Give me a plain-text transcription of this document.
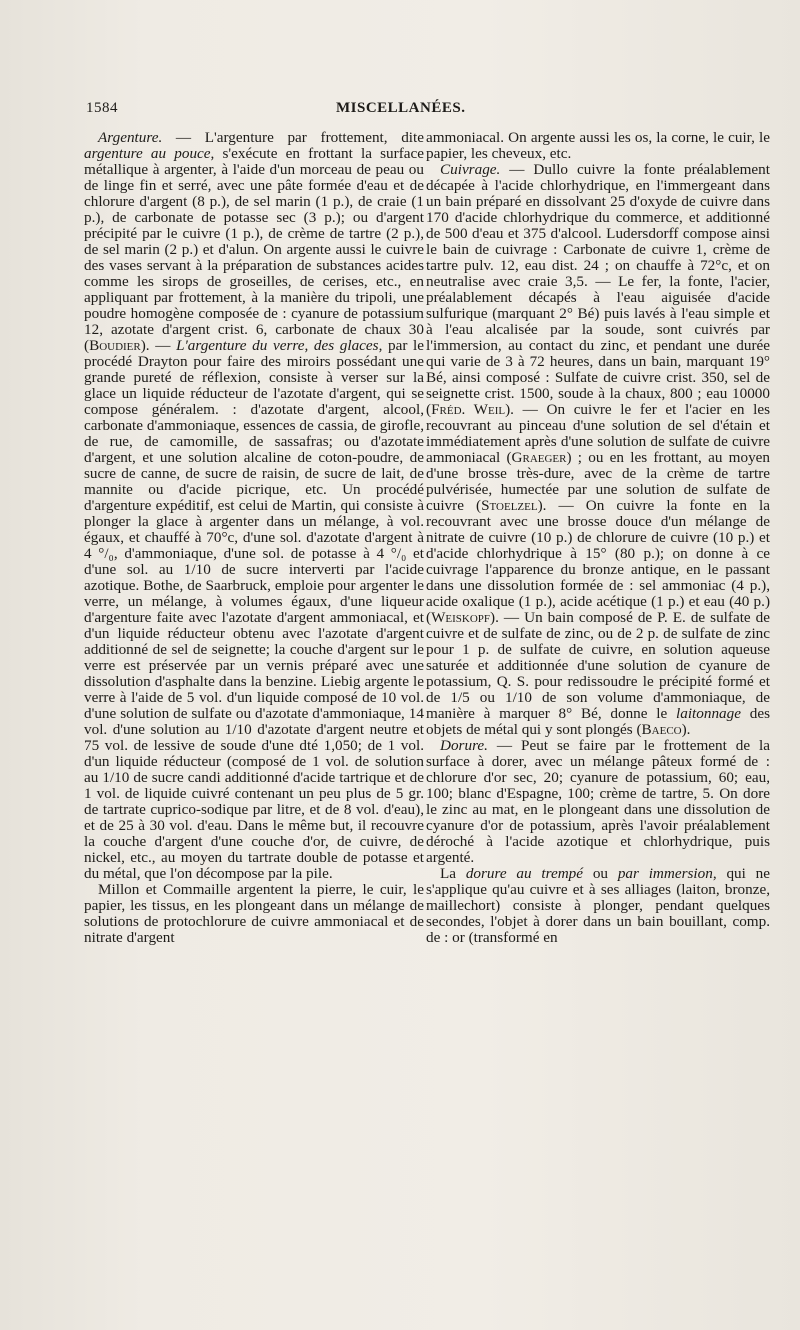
1584	MISCELLANÉES.

Argenture. — L'argenture par frottement, dite argenture au pouce, s'exécute en frottant la surface métallique à argenter, à l'aide d'un morceau de peau ou de linge fin et serré, avec une pâte formée d'eau et de chlorure d'argent (8 p.), de sel marin (1 p.), de craie (1 p.), de carbonate de potasse sec (3 p.); ou d'argent précipité par le cuivre (1 p.), de crème de tartre (2 p.), de sel marin (2 p.) et d'alun. On argente aussi le cuivre des vases servant à la préparation de substances acides comme les sirops de groseilles, de cerises, etc., en appliquant par frottement, à la manière du tripoli, une poudre homogène composée de : cyanure de potassium 12, azotate d'argent crist. 6, carbonate de chaux 30 (Boudier). — L'argenture du verre, des glaces, par le procédé Drayton pour faire des miroirs possédant une grande pureté de réflexion, consiste à verser sur la glace un liquide réducteur de l'azotate d'argent, qui se compose généralem. : d'azotate d'argent, alcool, carbonate d'ammoniaque, essences de cassia, de girofle, de rue, de camomille, de sassafras; ou d'azotate d'argent, et une solution alcaline de coton-poudre, de sucre de canne, de sucre de raisin, de sucre de lait, de mannite ou d'acide picrique, etc. Un procédé d'argenture expéditif, est celui de Martin, qui consiste à plonger la glace à argenter dans un mélange, à vol. égaux, et chauffé à 70°c, d'une sol. d'azotate d'argent à 4 °/₀, d'ammoniaque, d'une sol. de potasse à 4 °/₀ et d'une sol. au 1/10 de sucre interverti par l'acide azotique. Bothe, de Saarbruck, emploie pour argenter le verre, un mélange, à volumes égaux, d'une liqueur d'argenture faite avec l'azotate d'argent ammoniacal, et d'un liquide réducteur obtenu avec l'azotate d'argent additionné de sel de seignette; la couche d'argent sur le verre est préservée par un vernis préparé avec une dissolution d'asphalte dans la benzine. Liebig argente le verre à l'aide de 5 vol. d'un liquide composé de 10 vol. d'une solution de sulfate ou d'azotate d'ammoniaque, 14 vol. d'une solution au 1/10 d'azotate d'argent neutre et 75 vol. de lessive de soude d'une dté 1,050; de 1 vol. d'un liquide réducteur (composé de 1 vol. de solution au 1/10 de sucre candi additionné d'acide tartrique et de 1 vol. de liquide cuivré contenant un peu plus de 5 gr. de tartrate cuprico-sodique par litre, et de 8 vol. d'eau), et de 25 à 30 vol. d'eau. Dans le même but, il recouvre la couche d'argent d'une couche d'or, de cuivre, de nickel, etc., au moyen du tartrate double de potasse et du métal, que l'on décompose par la pile.

Millon et Commaille argentent la pierre, le cuir, le papier, les tissus, en les plongeant dans un mélange de solutions de protochlorure de cuivre ammoniacal et de nitrate d'argent

ammoniacal. On argente aussi les os, la corne, le cuir, le papier, les cheveux, etc.

Cuivrage. — Dullo cuivre la fonte préalablement décapée à l'acide chlorhydrique, en l'immergeant dans un bain préparé en dissolvant 25 d'oxyde de cuivre dans 170 d'acide chlorhydrique du commerce, et additionné de 500 d'eau et 375 d'alcool. Ludersdorff compose ainsi le bain de cuivrage : Carbonate de cuivre 1, crème de tartre pulv. 12, eau dist. 24 ; on chauffe à 72°c, et on neutralise avec craie 3,5. — Le fer, la fonte, l'acier, préalablement décapés à l'eau aiguisée d'acide sulfurique (marquant 2° Bé) puis lavés à l'eau simple et à l'eau alcalisée par la soude, sont cuivrés par l'immersion, au contact du zinc, et pendant une durée qui varie de 3 à 72 heures, dans un bain, marquant 19° Bé, ainsi composé : Sulfate de cuivre crist. 350, sel de seignette crist. 1500, soude à la chaux, 800 ; eau 10000 (Fréd. Weil). — On cuivre le fer et l'acier en les recouvrant au pinceau d'une solution de sel d'étain et immédiatement après d'une solution de sulfate de cuivre ammoniacal (Graeger) ; ou en les frottant, au moyen d'une brosse très-dure, avec de la crème de tartre pulvérisée, humectée par une solution de sulfate de cuivre (Stoelzel). — On cuivre la fonte en la recouvrant avec une brosse douce d'un mélange de nitrate de cuivre (10 p.) de chlorure de cuivre (10 p.) et d'acide chlorhydrique à 15° (80 p.); on donne à ce cuivrage l'apparence du bronze antique, en le passant dans une dissolution formée de : sel ammoniac (4 p.), acide oxalique (1 p.), acide acétique (1 p.) et eau (40 p.) (Weiskopf). — Un bain composé de P. E. de sulfate de cuivre et de sulfate de zinc, ou de 2 p. de sulfate de zinc pour 1 p. de sulfate de cuivre, en solution aqueuse saturée et additionnée d'une solution de cyanure de potassium, Q. S. pour redissoudre le précipité formé et de 1/5 ou 1/10 de son volume d'ammoniaque, de manière à marquer 8° Bé, donne le laitonnage des objets de métal qui y sont plongés (Baeco).

Dorure. — Peut se faire par le frottement de la surface à dorer, avec un mélange pâteux formé de : chlorure d'or sec, 20; cyanure de potassium, 60; eau, 100; blanc d'Espagne, 100; crème de tartre, 5. On dore le zinc au mat, en le plongeant dans une dissolution de cyanure d'or de potassium, après l'avoir préalablement déroché à l'acide azotique et chlorhydrique, puis argenté.

La dorure au trempé ou par immersion, qui ne s'applique qu'au cuivre et à ses alliages (laiton, bronze, maillechort) consiste à plonger, pendant quelques secondes, l'objet à dorer dans un bain bouillant, comp. de : or (transformé en
